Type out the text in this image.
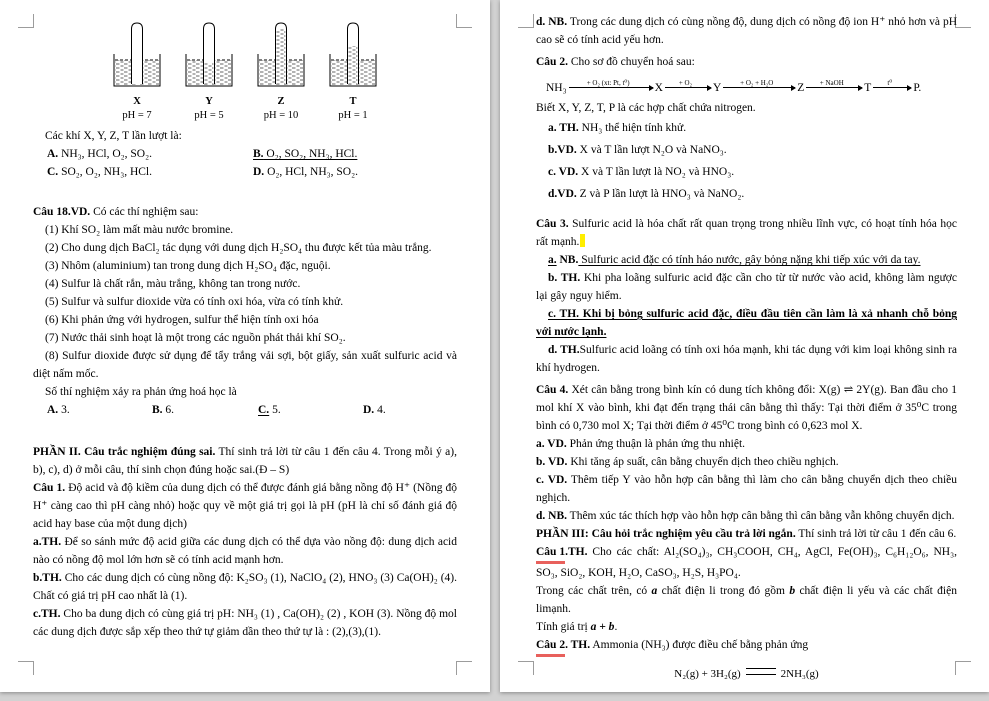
X
pH = 7
Y
pH = 5
Z
pH = 10
T
pH = 1

Các khí X, Y, Z, T lần lượt là:

A. NH₃, HCl, O₂, SO₂.	B. O₂, SO₂, NH₃, HCl.
C. SO₂, O₂, NH₃, HCl.	D. O₂, HCl, NH₃, SO₂.

Câu 18.VD. Có các thí nghiệm sau:

(1) Khí SO₂ làm mất màu nước bromine.

(2) Cho dung dịch BaCl₂ tác dụng với dung dịch H₂SO₄ thu được kết tủa màu trắng.

(3) Nhôm (aluminium) tan trong dung dịch H₂SO₄ đặc, nguội.

(4) Sulfur là chất rắn, màu trắng, không tan trong nước.

(5) Sulfur và sulfur dioxide vừa có tính oxi hóa, vừa có tính khử.

(6) Khi phản ứng với hydrogen, sulfur thể hiện tính oxi hóa

(7) Nước thải sinh hoạt là một trong các nguồn phát thải khí SO₂.

(8) Sulfur dioxide được sử dụng để tẩy trắng vải sợi, bột giấy, sản xuất sulfuric acid và diệt nấm mốc.

Số thí nghiệm xảy ra phản ứng hoá học là

A. 3.	B. 6.	C. 5.	D. 4.

PHẦN II. Câu trắc nghiệm đúng sai. Thí sinh trả lời từ câu 1 đến câu 4. Trong mỗi ý a), b), c), d) ở mỗi câu, thí sinh chọn đúng hoặc sai.(Đ – S)

Câu 1. Độ acid và độ kiềm của dung dịch có thể được đánh giá bằng nồng độ H⁺ (Nồng độ H⁺ càng cao thì pH càng nhỏ) hoặc quy về một giá trị gọi là pH (pH là chỉ số đánh giá độ acid hay base của một dung dịch)

a.TH. Để so sánh mức độ acid giữa các dung dịch có thể dựa vào nồng độ: dung dịch acid nào có nồng độ mol lớn hơn sẽ có tính acid mạnh hơn.

b.TH. Cho các dung dịch có cùng nồng độ: K₂SO₃ (1), NaClO₄ (2), HNO₃ (3) Ca(OH)₂ (4). Chất có giá trị pH cao nhất là (1).

c.TH. Cho ba dung dịch có cùng giá trị pH: NH₃ (1) , Ca(OH)₂ (2) , KOH (3). Nồng độ mol các dung dịch được sắp xếp theo thứ tự giảm dần theo thứ tự là : (2),(3),(1).

d. NB. Trong các dung dịch có cùng nồng độ, dung dịch có nồng độ ion H⁺ nhỏ hơn và pH cao sẽ có tính acid yếu hơn.

Câu 2. Cho sơ đồ chuyển hoá sau:

NH₃	+ O₂ (xt: Pt, t⁰)	X	+ O₂	Y	+ O₂ + H₂O	Z	+ NaOH	T	t⁰	P.

Biết X, Y, Z, T, P là các hợp chất chứa nitrogen.

a. TH. NH₃ thể hiện tính khử.

b.VD. X và T lần lượt N₂O và NaNO₃.

c. VD. X và T lần lượt là NO₂ và HNO₃.

d.VD. Z và P lần lượt là HNO₃ và NaNO₂.

Câu 3. Sulfuric acid là hóa chất rất quan trọng trong nhiều lĩnh vực, có hoạt tính hóa học rất mạnh.

a. NB. Sulfuric acid đặc có tính háo nước, gây bỏng nặng khi tiếp xúc với da tay.

b. TH. Khi pha loãng sulfuric acid đặc cần cho từ từ nước vào acid, không làm ngược lại gây nguy hiểm.

c. TH. Khi bị bỏng sulfuric acid đặc, điều đầu tiên cần làm là xả nhanh chỗ bỏng với nước lạnh.

d. TH.Sulfuric acid loãng có tính oxi hóa mạnh, khi tác dụng với kim loại không sinh ra khí hydrogen.

Câu 4. Xét cân bằng trong bình kín có dung tích không đổi: X(g) ⇌ 2Y(g). Ban đầu cho 1 mol khí X vào bình, khi đạt đến trạng thái cân bằng thì thấy: Tại thời điểm ở 35⁰C trong bình có 0,730 mol X; Tại thời điểm ở 45⁰C trong bình có 0,623 mol X.

a. VD. Phản ứng thuận là phản ứng thu nhiệt.

b. VD. Khi tăng áp suất, cân bằng chuyển dịch theo chiều nghịch.

c. VD. Thêm tiếp Y vào hỗn hợp cân bằng thì làm cho cân bằng chuyển dịch theo chiều nghịch.

d. NB. Thêm xúc tác thích hợp vào hỗn hợp cân bằng thì cân bằng vẫn không chuyển dịch.

PHẦN III: Câu hỏi trắc nghiệm yêu cầu trả lời ngắn. Thí sinh trả lời từ câu 1 đến câu 6.

Câu 1.TH. Cho các chất: Al₂(SO₄)₃, CH₃COOH, CH₄, AgCl, Fe(OH)₃, C₆H₁₂O₆, NH₃, SO₃, SiO₂, KOH, H₂O, CaSO₃, H₂S, H₃PO₄.

Trong các chất trên, có a chất điện li trong đó gồm b chất điện li yếu và các chất điện limạnh.

Tính giá trị a + b.

Câu 2. TH. Ammonia (NH₃) được điều chế bằng phản ứng

N₂(g) + 3H₂(g)	2NH₃(g)
